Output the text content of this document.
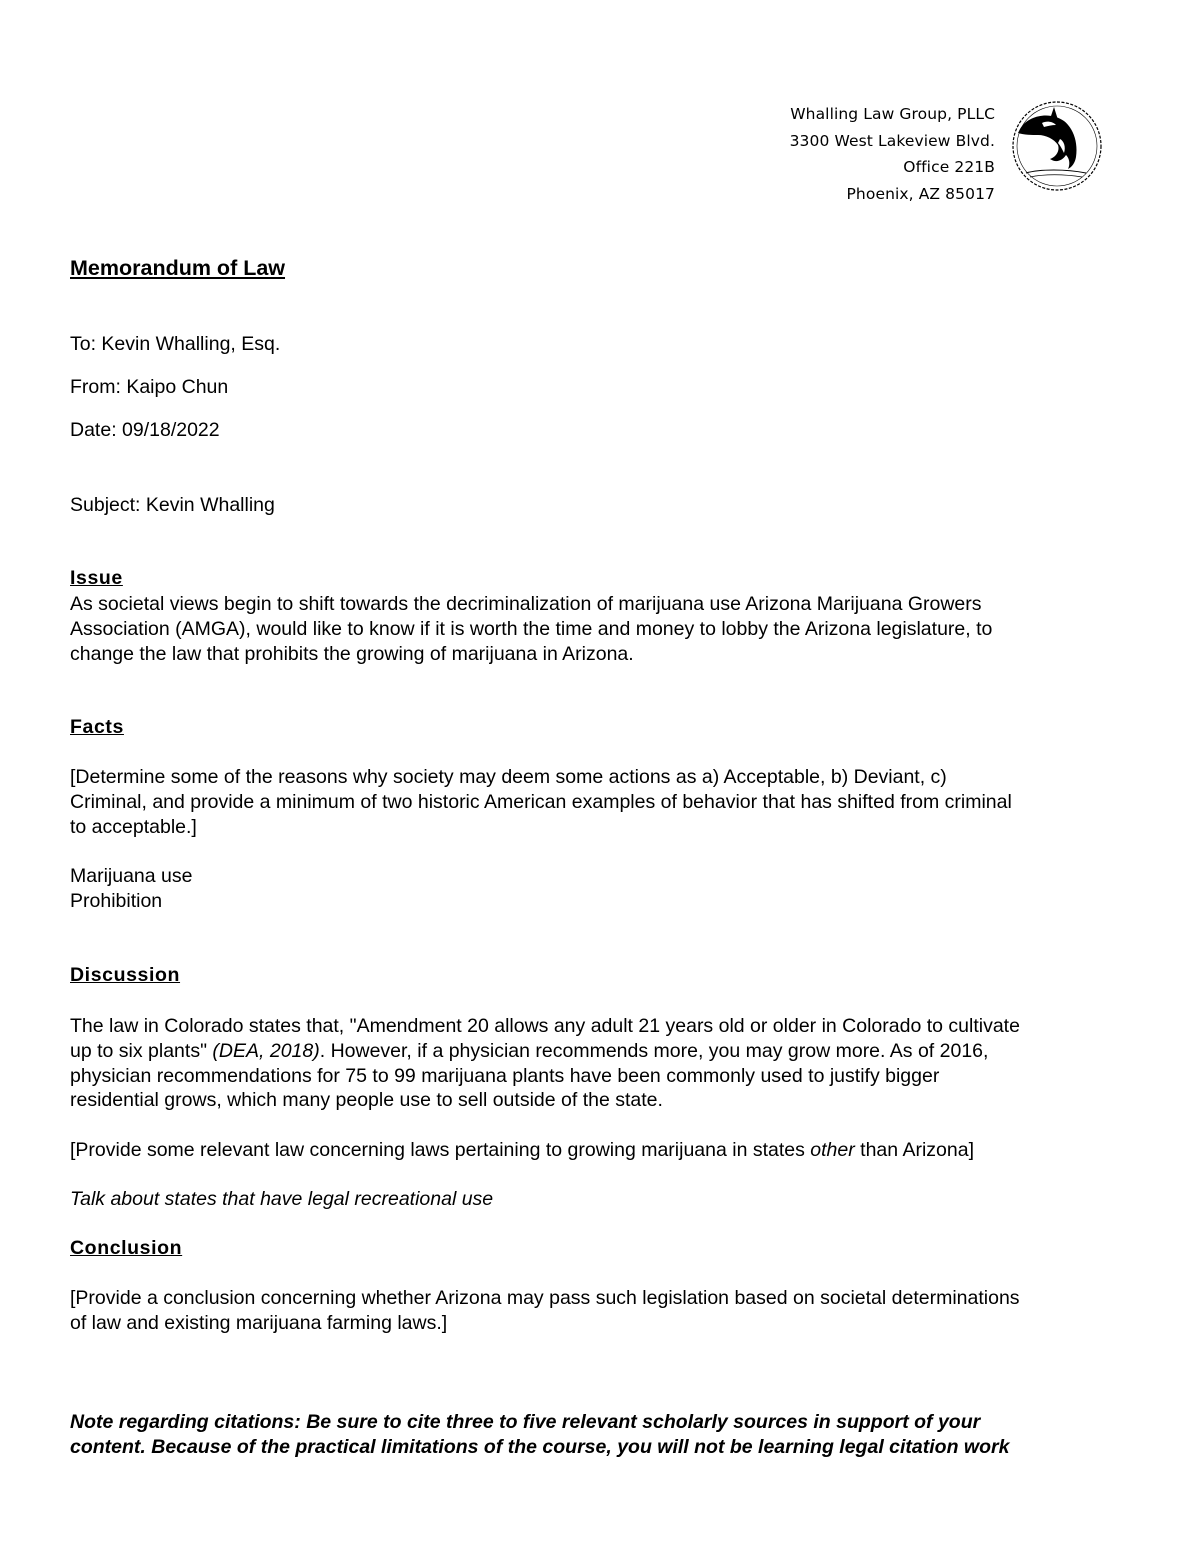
Whalling Law Group, PLLC
3300 West Lakeview Blvd.
Office 221B
Phoenix, AZ 85017
Memorandum of Law
To: Kevin Whalling, Esq.
From: Kaipo Chun
Date: 09/18/2022
Subject: Kevin Whalling
Issue
As societal views begin to shift towards the decriminalization of marijuana use Arizona Marijuana Growers
Association (AMGA), would like to know if it is worth the time and money to lobby the Arizona legislature, to
change the law that prohibits the growing of marijuana in Arizona.
Facts
[Determine some of the reasons why society may deem some actions as a) Acceptable, b) Deviant, c)
Criminal, and provide a minimum of two historic American examples of behavior that has shifted from criminal
to acceptable.]
Marijuana use
Prohibition
Discussion
The law in Colorado states that, "Amendment 20 allows any adult 21 years old or older in Colorado to cultivate
up to six plants" (DEA, 2018). However, if a physician recommends more, you may grow more. As of 2016,
physician recommendations for 75 to 99 marijuana plants have been commonly used to justify bigger
residential grows, which many people use to sell outside of the state.
[Provide some relevant law concerning laws pertaining to growing marijuana in states other than Arizona]
Talk about states that have legal recreational use
Conclusion
[Provide a conclusion concerning whether Arizona may pass such legislation based on societal determinations
of law and existing marijuana farming laws.]
Note regarding citations: Be sure to cite three to five relevant scholarly sources in support of your
content. Because of the practical limitations of the course, you will not be learning legal citation work
